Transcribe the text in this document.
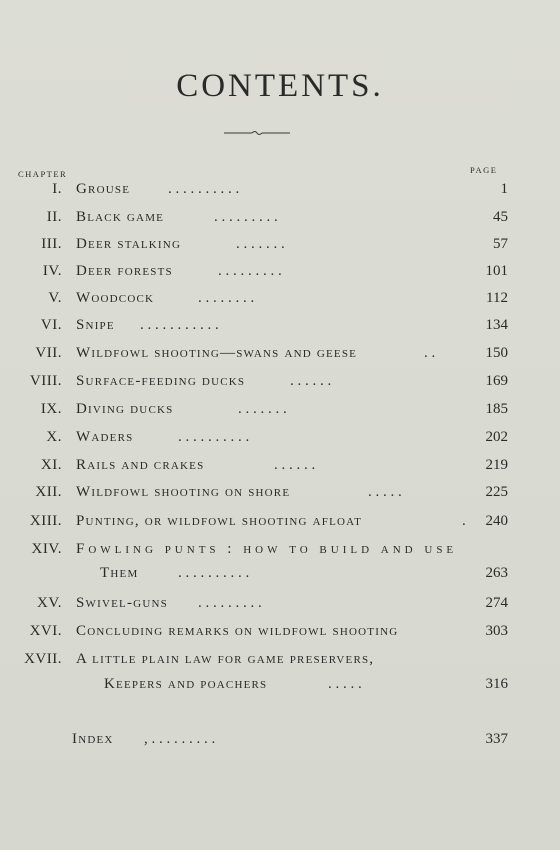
CONTENTS.
CHAPTER	PAGE
I. grouse	. . . . . . . . . .	1
II. black game	. . . . . . . . .	45
III. deer stalking	. . . . . . .	57
IV. deer forests	. . . . . . . . .	101
V. woodcock	. . . . . . . .	112
VI. snipe . . . . . . . . . . .	134
VII. wildfowl shooting—swans and geese	. .	150
VIII. surface-feeding ducks	. . . . . .	169
IX. diving ducks	. . . . . . .	185
X. waders	. . . . . . . . . .	202
XI. rails and crakes	. . . . . .	219
XII. wildfowl shooting on shore	. . . . .	225
XIII. punting, or wildfowl shooting afloat	.	240
XIV. fowling punts : how to build and use
Them	. . . . . . . . . .	263
XV. swivel-guns . . . . . . . . .	274
XVI. concluding remarks on wildfowl shooting	303
XVII. a little plain law for game preservers,
Keepers and poachers	. . . . .	316
Index , . . . . . . . . .	337
